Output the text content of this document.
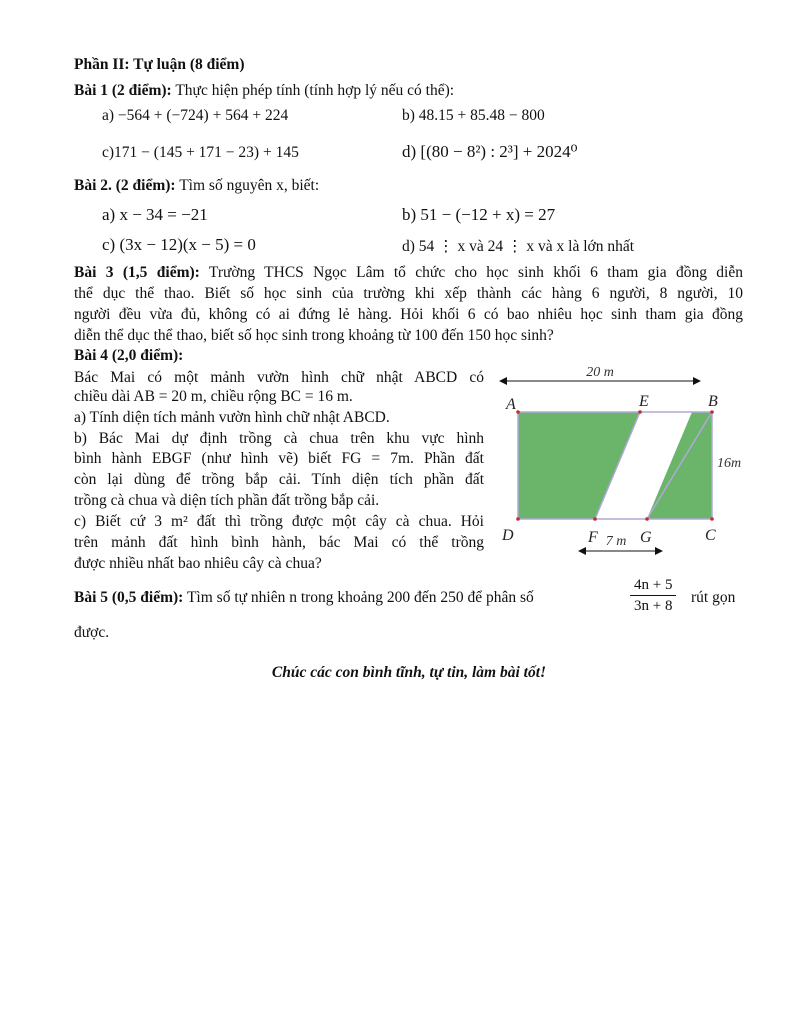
Phần II: Tự luận (8 điểm)
Bài 1 (2 điểm): Thực hiện phép tính (tính hợp lý nếu có thể):
a) −564 + (−724) + 564 + 224	b) 48.15 + 85.48 − 800
c)171 − (145 + 171 − 23) + 145	d) [(80 − 8²) : 2³] + 2024⁰
Bài 2. (2 điểm): Tìm số nguyên x, biết:
a) x − 34 = −21	b) 51 − (−12 + x) = 27
c) (3x − 12)(x − 5) = 0	d) 54 ⋮ x và 24 ⋮ x và x là lớn nhất
Bài 3 (1,5 điểm): Trường THCS Ngọc Lâm tổ chức cho học sinh khối 6 tham gia đồng diễn
thể dục thể thao. Biết số học sinh của trường khi xếp thành các hàng 6 người, 8 người, 10
người đều vừa đủ, không có ai đứng lẻ hàng. Hỏi khối 6 có bao nhiêu học sinh tham gia đồng
diễn thể dục thể thao, biết số học sinh trong khoảng từ 100 đến 150 học sinh?
Bài 4 (2,0 điểm):
Bác Mai có một mảnh vườn hình chữ nhật ABCD có
chiều dài AB = 20 m, chiều rộng BC = 16 m.
a) Tính diện tích mảnh vườn hình chữ nhật ABCD.
b) Bác Mai dự định trồng cà chua trên khu vực hình
bình hành EBGF (như hình vẽ) biết FG = 7m. Phần đất
còn lại dùng để trồng bắp cải. Tính diện tích phần đất
trồng cà chua và diện tích phần đất trồng bắp cải.
c) Biết cứ 3 m² đất thì trồng được một cây cà chua. Hỏi
trên mảnh đất hình bình hành, bác Mai có thể trồng
được nhiều nhất bao nhiêu cây cà chua?
20 m
16m
7 m
A	E	B
C
D	F	G
Bài 5 (0,5 điểm): Tìm số tự nhiên n trong khoảng 200 đến 250 để phân số	$\frac{4n + 5}{3n + 8}$ rút gọn
được.
Chúc các con bình tĩnh, tự tin, làm bài tốt!
